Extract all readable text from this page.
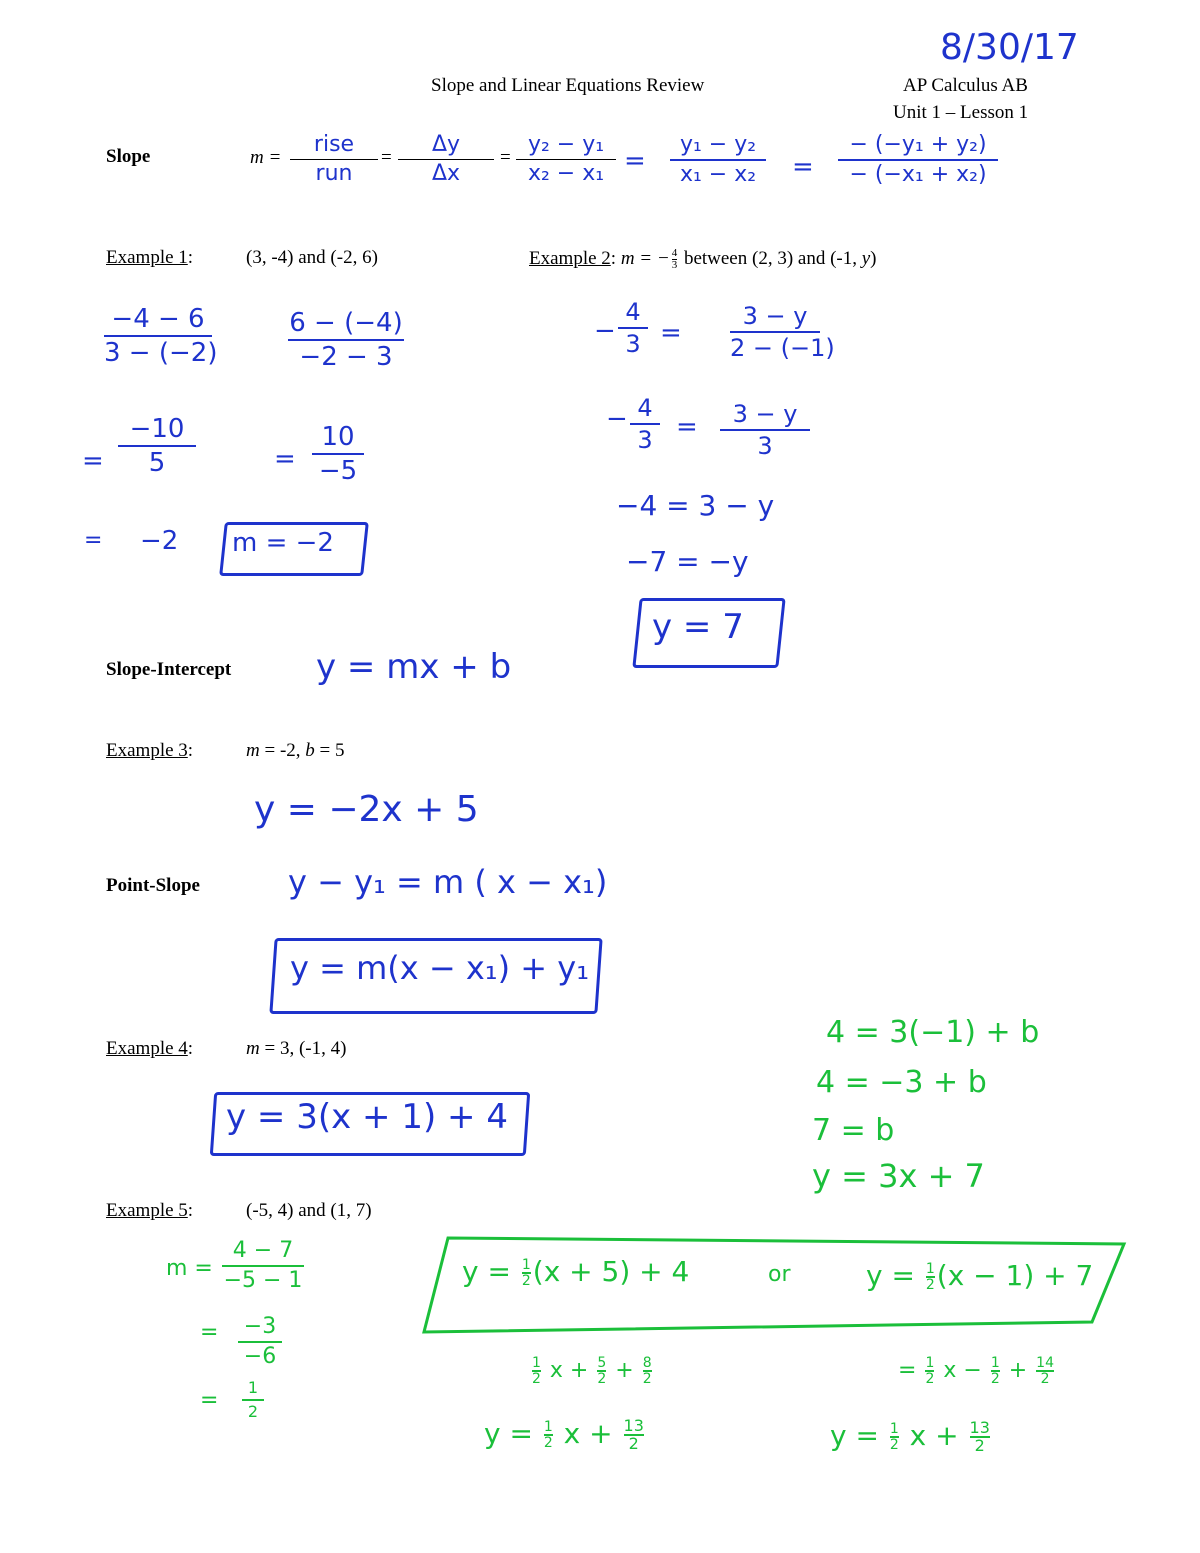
8/30/17
Slope and Linear Equations Review	AP Calculus AB
Unit 1 – Lesson 1
Slope	m =
rise
run
=
Δy
Δx
=
y₂ − y₁
x₂ − x₁ =
y₁ − y₂
x₁ − x₂	=
− (−y₁ + y₂)
− (−x₁ + x₂)
Example 1:	(3, -4) and (-2, 6)
−4 − 6
3 − (−2)
6 − (−4)
−2 − 3
=
−10
5	=
10
−5
= −2 m = −2
Example 2: m = − $\frac{4}{3}$ between (2, 3) and (-1, y)
−
4
3 =
3 − y
2 − (−1)
− 4
3 =	3 − y
3
−4 = 3 − y
−7 = −y
y = 7
Slope-Intercept y = mx + b
Example 3:	m = -2, b = 5
y = −2x + 5
Point-Slope	y − y₁ = m ( x − x₁)
y = m(x − x₁) + y₁
Example 4:	m = 3, (-1, 4)
y = 3(x + 1) + 4
4 = 3(−1) + b
4 = −3 + b
7 = b
y = 3x + 7
Example 5:	(-5, 4) and (1, 7)
m =
4 − 7
−5 − 1
= −3
−6
=
1
2
$y = \frac{1}{2} (x + 5) + 4$	or	$y = \frac{1}{2} (x - 1) + 7$
$\frac{1}{2}$ $x + \frac{5}{2} + \frac{8}{2}$
$y = \frac{1}{2}$ $x + \frac{13}{2}$
= $\frac{1}{2}$ $x - \frac{1}{2} + \frac{14}{2}$
$y = \frac{1}{2}$ $x + \frac{13}{2}$
